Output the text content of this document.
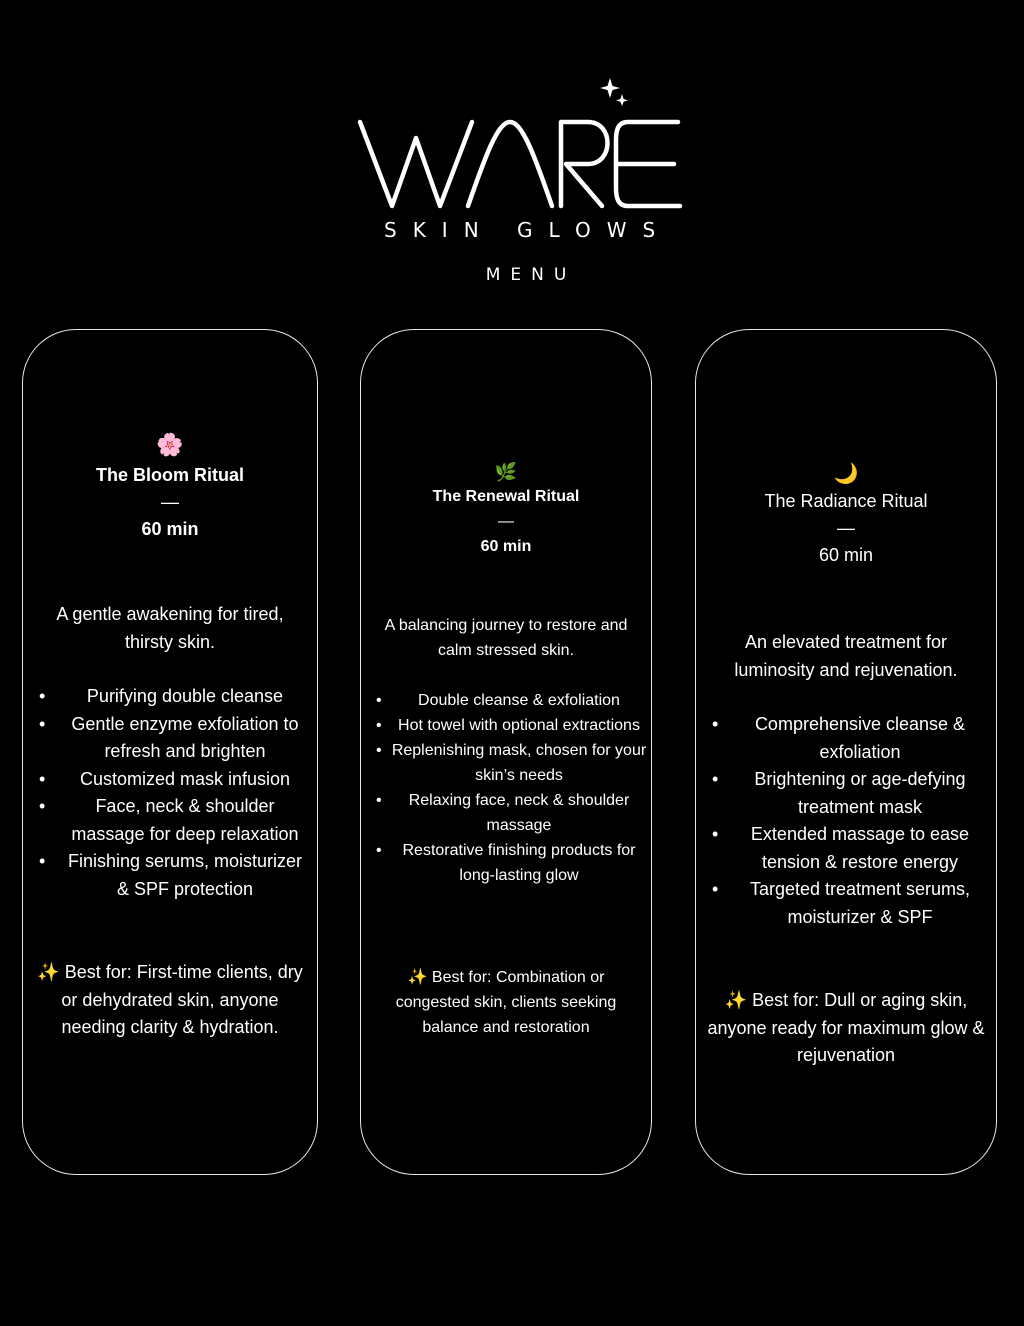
SKIN GLOWS
MENU
🌸
The Bloom Ritual
—
60 min
A gentle awakening for tired, thirsty skin.
• Purifying double cleanse
• Gentle enzyme exfoliation to refresh and brighten
• Customized mask infusion
• Face, neck & shoulder massage for deep relaxation
• Finishing serums, moisturizer & SPF protection
✨ Best for: First-time clients, dry or dehydrated skin, anyone needing clarity & hydration.
🌿
The Renewal Ritual
—
60 min
A balancing journey to restore and calm stressed skin.
• Double cleanse & exfoliation
• Hot towel with optional extractions
• Replenishing mask, chosen for your skin’s needs
• Relaxing face, neck & shoulder massage
• Restorative finishing products for long-lasting glow
✨ Best for: Combination or congested skin, clients seeking balance and restoration
🌙
The Radiance Ritual
—
60 min
An elevated treatment for luminosity and rejuvenation.
• Comprehensive cleanse & exfoliation
• Brightening or age-defying treatment mask
• Extended massage to ease tension & restore energy
• Targeted treatment serums, moisturizer & SPF
✨ Best for: Dull or aging skin, anyone ready for maximum glow & rejuvenation
